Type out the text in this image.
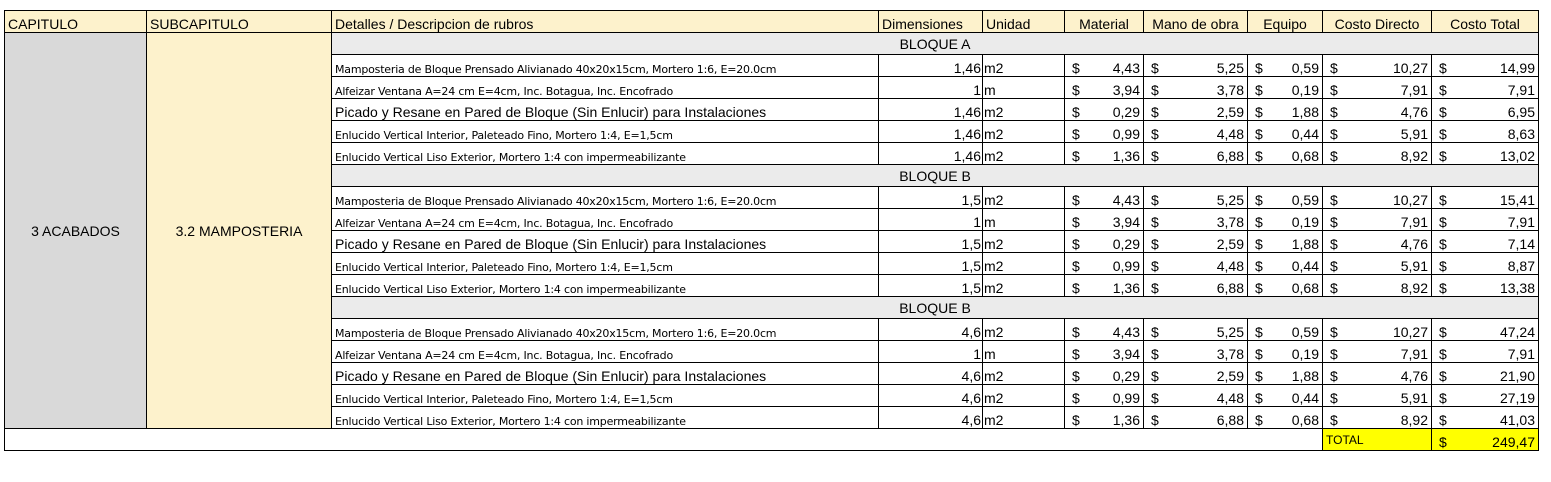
CAPITULO	SUBCAPITULO	Detalles / Descripcion de rubros	Dimensiones	Unidad	Material	Mano de obra	Equipo	Costo Directo	Costo Total
3 ACABADOS	3.2 MAMPOSTERIA	BLOQUE A							
		Mamposteria de Bloque Prensado Alivianado 40x20x15cm, Mortero 1:6, E=20.0cm	1,46	m2	$ 4,43	$ 5,25	$ 0,59	$ 10,27	$ 14,99

		Alfeizar Ventana A=24 cm E=4cm, Inc. Botagua, Inc. Encofrado	1	m	$ 3,94	$ 3,78	$ 0,19	$ 7,91	$ 7,91

		Picado y Resane en Pared de Bloque (Sin Enlucir) para Instalaciones	1,46	m2	$ 0,29	$ 2,59	$ 1,88	$ 4,76	$ 6,95

		Enlucido Vertical Interior, Paleteado Fino, Mortero 1:4, E=1,5cm	1,46	m2	$ 0,99	$ 4,48	$ 0,44	$ 5,91	$ 8,63

		Enlucido Vertical Liso Exterior, Mortero 1:4 con impermeabilizante	1,46	m2	$ 1,36	$ 6,88	$ 0,68	$ 8,92	$ 13,02

		BLOQUE B							
		Mamposteria de Bloque Prensado Alivianado 40x20x15cm, Mortero 1:6, E=20.0cm	1,5	m2	$ 4,43	$ 5,25	$ 0,59	$ 10,27	$ 15,41

		Alfeizar Ventana A=24 cm E=4cm, Inc. Botagua, Inc. Encofrado	1	m	$ 3,94	$ 3,78	$ 0,19	$ 7,91	$ 7,91

		Picado y Resane en Pared de Bloque (Sin Enlucir) para Instalaciones	1,5	m2	$ 0,29	$ 2,59	$ 1,88	$ 4,76	$ 7,14

		Enlucido Vertical Interior, Paleteado Fino, Mortero 1:4, E=1,5cm	1,5	m2	$ 0,99	$ 4,48	$ 0,44	$ 5,91	$ 8,87

		Enlucido Vertical Liso Exterior, Mortero 1:4 con impermeabilizante	1,5	m2	$ 1,36	$ 6,88	$ 0,68	$ 8,92	$ 13,38

		BLOQUE B							
		Mamposteria de Bloque Prensado Alivianado 40x20x15cm, Mortero 1:6, E=20.0cm	4,6	m2	$ 4,43	$ 5,25	$ 0,59	$ 10,27	$ 47,24

		Alfeizar Ventana A=24 cm E=4cm, Inc. Botagua, Inc. Encofrado	1	m	$ 3,94	$ 3,78	$ 0,19	$ 7,91	$ 7,91

		Picado y Resane en Pared de Bloque (Sin Enlucir) para Instalaciones	4,6	m2	$ 0,29	$ 2,59	$ 1,88	$ 4,76	$ 21,90

		Enlucido Vertical Interior, Paleteado Fino, Mortero 1:4, E=1,5cm	4,6	m2	$ 0,99	$ 4,48	$ 0,44	$ 5,91	$ 27,19

		Enlucido Vertical Liso Exterior, Mortero 1:4 con impermeabilizante	4,6	m2	$ 1,36	$ 6,88	$ 0,68	$ 8,92	$ 41,03

								TOTAL	$ 249,47
